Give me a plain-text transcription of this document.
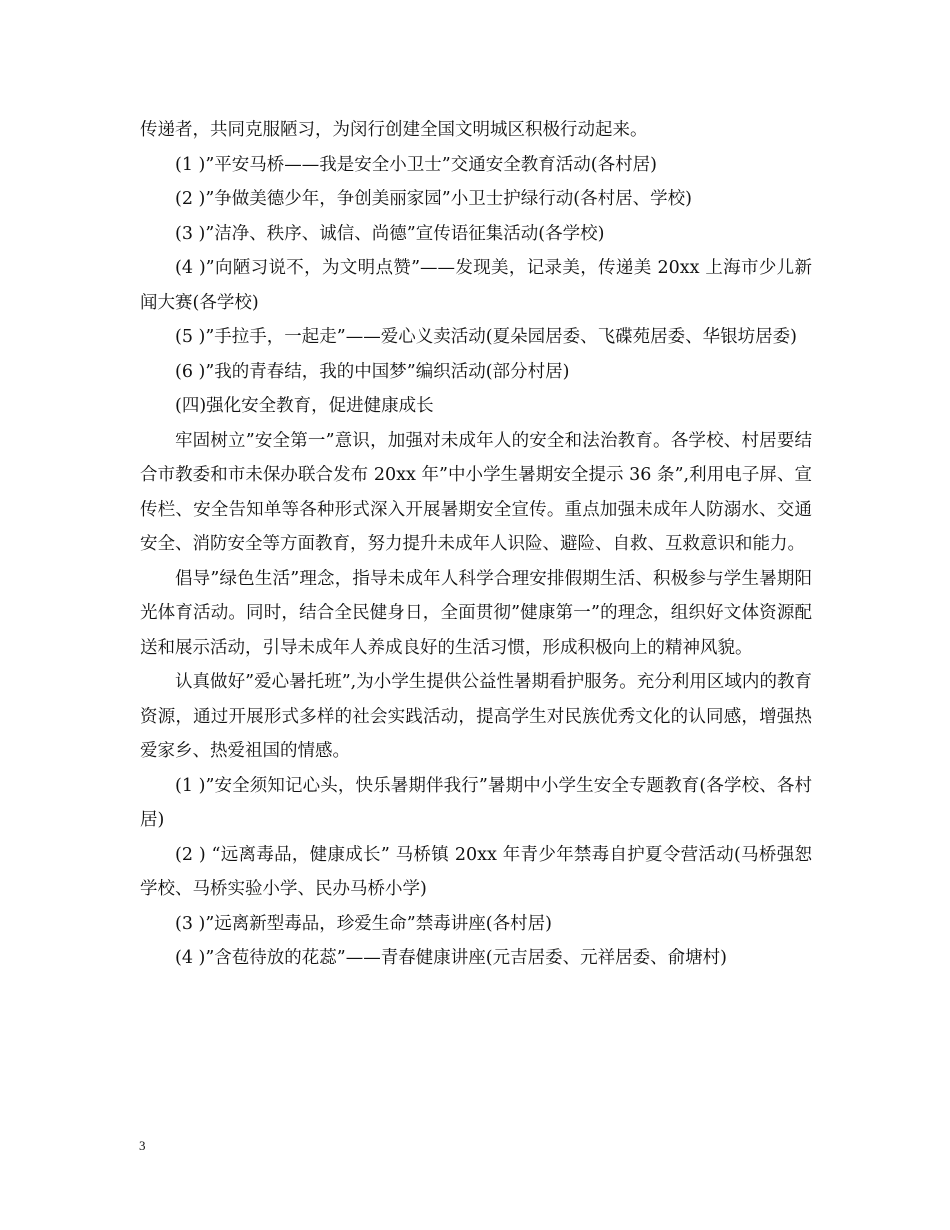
传递者，共同克服陋习，为闵行创建全国文明城区积极行动起来。

(1 )”平安马桥——我是安全小卫士”交通安全教育活动(各村居)

(2 )”争做美德少年，争创美丽家园”小卫士护绿行动(各村居、学校)

(3 )”洁净、秩序、诚信、尚德”宣传语征集活动(各学校)

(4 )”向陋习说不，为文明点赞”——发现美，记录美，传递美 20xx 上海市少儿新闻大赛(各学校)

(5 )”手拉手，一起走”——爱心义卖活动(夏朵园居委、飞碟苑居委、华银坊居委)

(6 )”我的青春结，我的中国梦”编织活动(部分村居)

(四)强化安全教育，促进健康成长

牢固树立”安全第一”意识，加强对未成年人的安全和法治教育。各学校、村居要结合市教委和市未保办联合发布 20xx 年”中小学生暑期安全提示 36 条”,利用电子屏、宣传栏、安全告知单等各种形式深入开展暑期安全宣传。重点加强未成年人防溺水、交通安全、消防安全等方面教育，努力提升未成年人识险、避险、自救、互救意识和能力。

倡导”绿色生活”理念，指导未成年人科学合理安排假期生活、积极参与学生暑期阳光体育活动。同时，结合全民健身日，全面贯彻”健康第一”的理念，组织好文体资源配送和展示活动，引导未成年人养成良好的生活习惯，形成积极向上的精神风貌。

认真做好”爱心暑托班”,为小学生提供公益性暑期看护服务。充分利用区域内的教育资源，通过开展形式多样的社会实践活动，提高学生对民族优秀文化的认同感，增强热爱家乡、热爱祖国的情感。

(1 )”安全须知记心头，快乐暑期伴我行”暑期中小学生安全专题教育(各学校、各村居)

(2 ) “远离毒品，健康成长” 马桥镇 20xx 年青少年禁毒自护夏令营活动(马桥强恕学校、马桥实验小学、民办马桥小学)

(3 )”远离新型毒品，珍爱生命”禁毒讲座(各村居)

(4 )”含苞待放的花蕊”——青春健康讲座(元吉居委、元祥居委、俞塘村)

3
